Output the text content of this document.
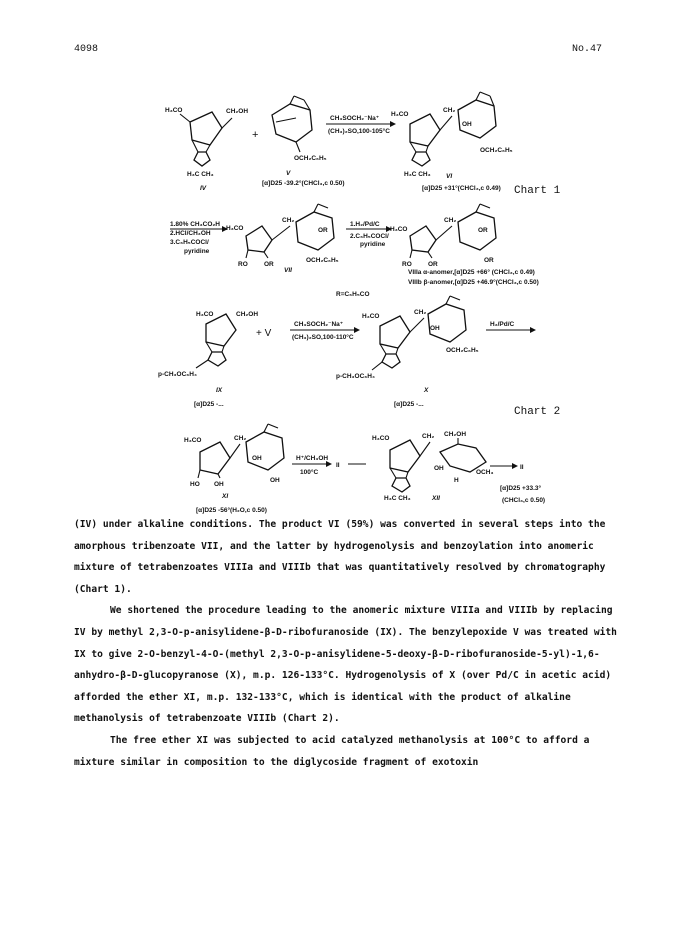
4098	No.47
H₃CO	CH₂OH
H₃C CH₃
IV
+
OCH₂C₆H₅
V
[α]D25 -39.2°(CHCl₃,c 0.50)
CH₃SOCH₂⁻Na⁺
(CH₃)₂SO,100-105°C
H₃CO
CH₂
OH
OCH₂C₆H₅
H₃C CH₃ VI
[α]D25 +31°(CHCl₃,c 0.49) Chart 1
1.80% CH₃CO₂H
2.HCl/CH₃OH
3.C₆H₅COCl/
pyridine
H₃CO
RO	OR
CH₂
OR
OCH₂C₆H₅
VII
1.H₂/Pd/C
2.C₆H₅COCl/
pyridine
H₃CO
RO	OR
CH₂
OR
OR
VIIIa α-anomer,[α]D25 +66° (CHCl₃,c 0.49)
VIIIb β-anomer,[α]D25 +46.9°(CHCl₃,c 0.50)
R=C₆H₅CO
H₃CO	CH₂OH
p-CH₃OC₆H₄
IX
[α]D25 -...
+ V
CH₃SOCH₂⁻Na⁺
(CH₃)₂SO,100-110°C
H₃CO
p-CH₃OC₆H₄
CH₂
OH
OCH₂C₆H₅
X
[α]D25 -...
H₂/Pd/C
Chart 2
H₃CO
HO OH
CH₂
OH
OH
XI
[α]D25 -56°(H₂O,c 0.50)
H⁺/CH₃OH
100°C
II
H₃CO
H₃C CH₃
CH₂ CH₂OH
OCH₃
H
OH
XII
II
[α]D25 +33.3°
(CHCl₃,c 0.50)

(IV) under alkaline conditions. The product VI (59%) was converted in several steps into the amorphous tribenzoate VII, and the latter by hydrogenolysis and benzoylation into anomeric mixture of tetrabenzoates VIIIa and VIIIb that was quantitatively resolved by chromatography (Chart 1).

We shortened the procedure leading to the anomeric mixture VIIIa and VIIIb by replacing IV by methyl 2,3-O-p-anisylidene-β-D-ribofuranoside (IX). The benzylepoxide V was treated with IX to give 2-O-benzyl-4-O-(methyl 2,3-O-p-anisylidene-5-deoxy-β-D-ribofuranoside-5-yl)-1,6-anhydro-β-D-glucopyranose (X), m.p. 126-133°C. Hydrogenolysis of X (over Pd/C in acetic acid) afforded the ether XI, m.p. 132-133°C, which is identical with the product of alkaline methanolysis of tetrabenzoate VIIIb (Chart 2).

The free ether XI was subjected to acid catalyzed methanolysis at 100°C to afford a mixture similar in composition to the diglycoside fragment of exotoxin
